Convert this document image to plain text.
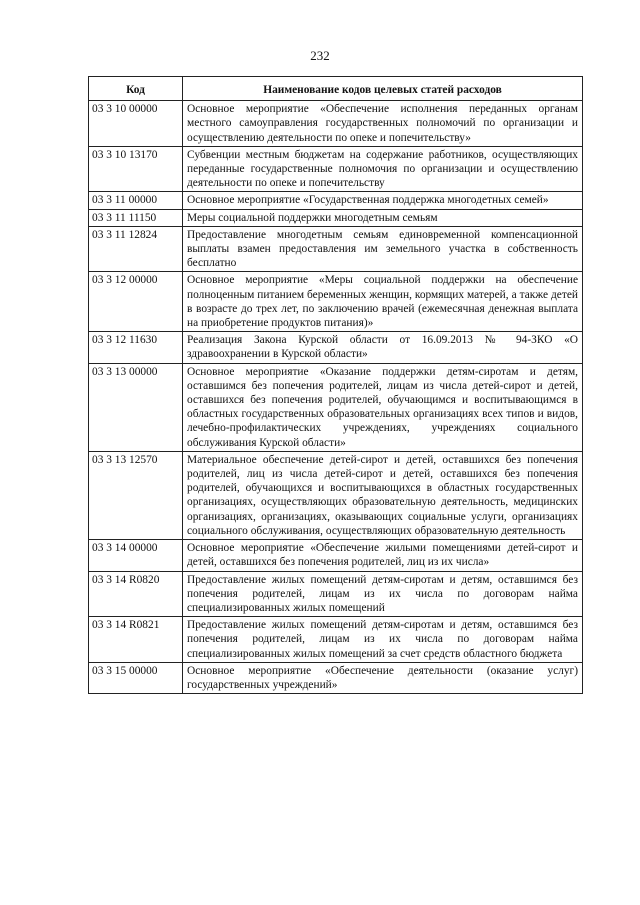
232
Код	Наименование кодов целевых статей расходов
03 3 10 00000	Основное мероприятие «Обеспечение исполнения переданных органам местного самоуправления государственных полномочий по организации и осуществлению деятельности по опеке и попечительству»
03 3 10 13170	Субвенции местным бюджетам на содержание работников, осуществляющих переданные государственные полномочия по организации и осуществлению деятельности по опеке и попечительству
03 3 11 00000	Основное мероприятие «Государственная поддержка многодетных семей»
03 3 11 11150	Меры социальной поддержки многодетным семьям
03 3 11 12824	Предоставление многодетным семьям единовременной компенсационной выплаты взамен предоставления им земельного участка в собственность бесплатно
03 3 12 00000	Основное мероприятие «Меры социальной поддержки на обеспечение полноценным питанием беременных женщин, кормящих матерей, а также детей в возрасте до трех лет, по заключению врачей (ежемесячная денежная выплата на приобретение продуктов питания)»
03 3 12 11630	Реализация Закона Курской области от 16.09.2013 № 94-ЗКО «О здравоохранении в Курской области»
03 3 13 00000	Основное мероприятие «Оказание поддержки детям-сиротам и детям, оставшимся без попечения родителей, лицам из числа детей-сирот и детей, оставшихся без попечения родителей, обучающимся и воспитывающимся в областных государственных образовательных организациях всех типов и видов, лечебно-профилактических учреждениях, учреждениях социального обслуживания Курской области»
03 3 13 12570	Материальное обеспечение детей-сирот и детей, оставшихся без попечения родителей, лиц из числа детей-сирот и детей, оставшихся без попечения родителей, обучающихся и воспитывающихся в областных государственных организациях, осуществляющих образовательную деятельность, медицинских организациях, организациях, оказывающих социальные услуги, организациях социального обслуживания, осуществляющих образовательную деятельность
03 3 14 00000	Основное мероприятие «Обеспечение жилыми помещениями детей-сирот и детей, оставшихся без попечения родителей, лиц из их числа»
03 3 14 R0820	Предоставление жилых помещений детям-сиротам и детям, оставшимся без попечения родителей, лицам из их числа по договорам найма специализированных жилых помещений
03 3 14 R0821	Предоставление жилых помещений детям-сиротам и детям, оставшимся без попечения родителей, лицам из их числа по договорам найма специализированных жилых помещений за счет средств областного бюджета
03 3 15 00000	Основное мероприятие «Обеспечение деятельности (оказание услуг) государственных учреждений»
